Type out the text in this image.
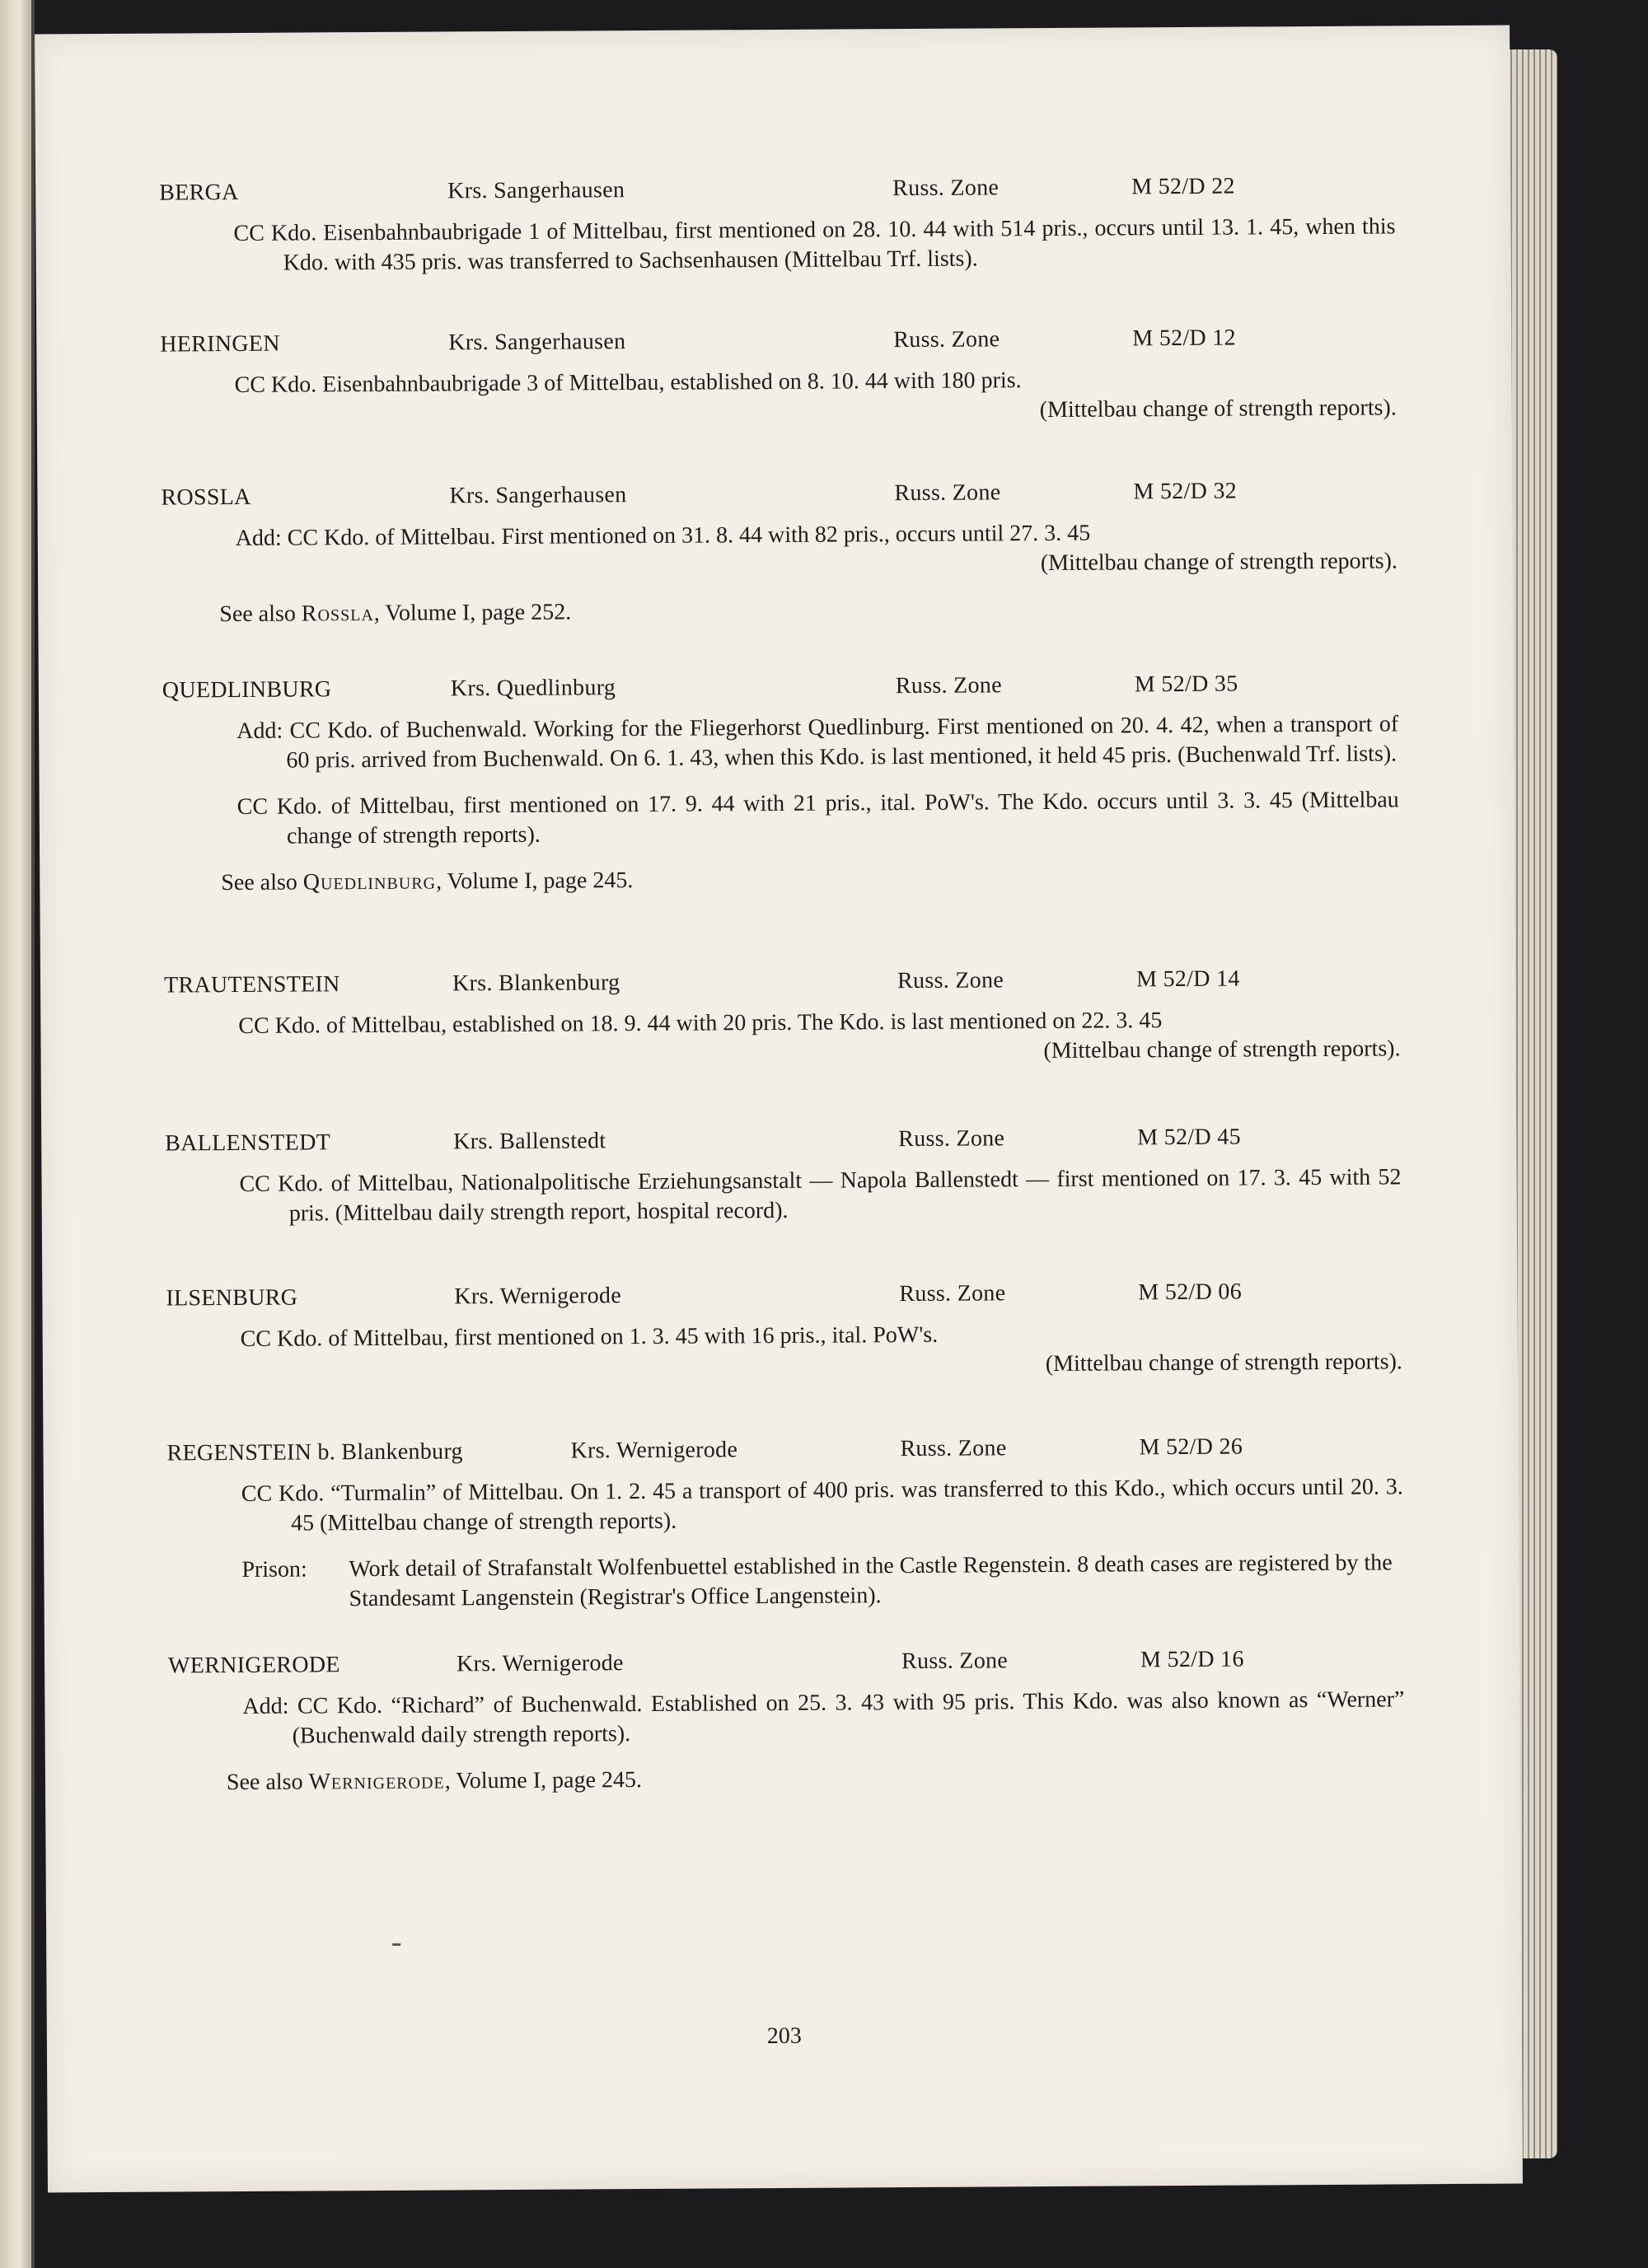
BERGA	Krs. Sangerhausen	Russ. Zone	M 52/D 22

CC Kdo. Eisenbahnbaubrigade 1 of Mittelbau, first mentioned on 28. 10. 44 with 514 pris., occurs until 13. 1. 45, when this Kdo. with 435 pris. was transferred to Sachsenhausen (Mittelbau Trf. lists).

HERINGEN	Krs. Sangerhausen	Russ. Zone	M 52/D 12

CC Kdo. Eisenbahnbaubrigade 3 of Mittelbau, established on 8. 10. 44 with 180 pris.
(Mittelbau change of strength reports).

ROSSLA	Krs. Sangerhausen	Russ. Zone	M 52/D 32

Add: CC Kdo. of Mittelbau. First mentioned on 31. 8. 44 with 82 pris., occurs until 27. 3. 45
(Mittelbau change of strength reports).

See also Rossla, Volume I, page 252.

QUEDLINBURG	Krs. Quedlinburg	Russ. Zone	M 52/D 35

Add: CC Kdo. of Buchenwald. Working for the Fliegerhorst Quedlinburg. First mentioned on 20. 4. 42, when a transport of 60 pris. arrived from Buchenwald. On 6. 1. 43, when this Kdo. is last mentioned, it held 45 pris. (Buchenwald Trf. lists).

CC Kdo. of Mittelbau, first mentioned on 17. 9. 44 with 21 pris., ital. PoW's. The Kdo. occurs until 3. 3. 45 (Mittelbau change of strength reports).

See also Quedlinburg, Volume I, page 245.

TRAUTENSTEIN	Krs. Blankenburg	Russ. Zone	M 52/D 14

CC Kdo. of Mittelbau, established on 18. 9. 44 with 20 pris. The Kdo. is last mentioned on 22. 3. 45
(Mittelbau change of strength reports).

BALLENSTEDT	Krs. Ballenstedt	Russ. Zone	M 52/D 45

CC Kdo. of Mittelbau, Nationalpolitische Erziehungsanstalt — Napola Ballenstedt — first mentioned on 17. 3. 45 with 52 pris. (Mittelbau daily strength report, hospital record).

ILSENBURG	Krs. Wernigerode	Russ. Zone	M 52/D 06

CC Kdo. of Mittelbau, first mentioned on 1. 3. 45 with 16 pris., ital. PoW's.
(Mittelbau change of strength reports).

REGENSTEIN b. Blankenburg	Krs. Wernigerode	Russ. Zone	M 52/D 26

CC Kdo. “Turmalin” of Mittelbau. On 1. 2. 45 a transport of 400 pris. was transferred to this Kdo., which occurs until 20. 3. 45 (Mittelbau change of strength reports).

Prison:	Work detail of Strafanstalt Wolfenbuettel established in the Castle Regenstein. 8 death cases are registered by the Standesamt Langenstein (Registrar's Office Langenstein).
WERNIGERODE	Krs. Wernigerode	Russ. Zone	M 52/D 16

Add: CC Kdo. “Richard” of Buchenwald. Established on 25. 3. 43 with 95 pris. This Kdo. was also known as “Werner” (Buchenwald daily strength reports).

See also Wernigerode, Volume I, page 245.

203
